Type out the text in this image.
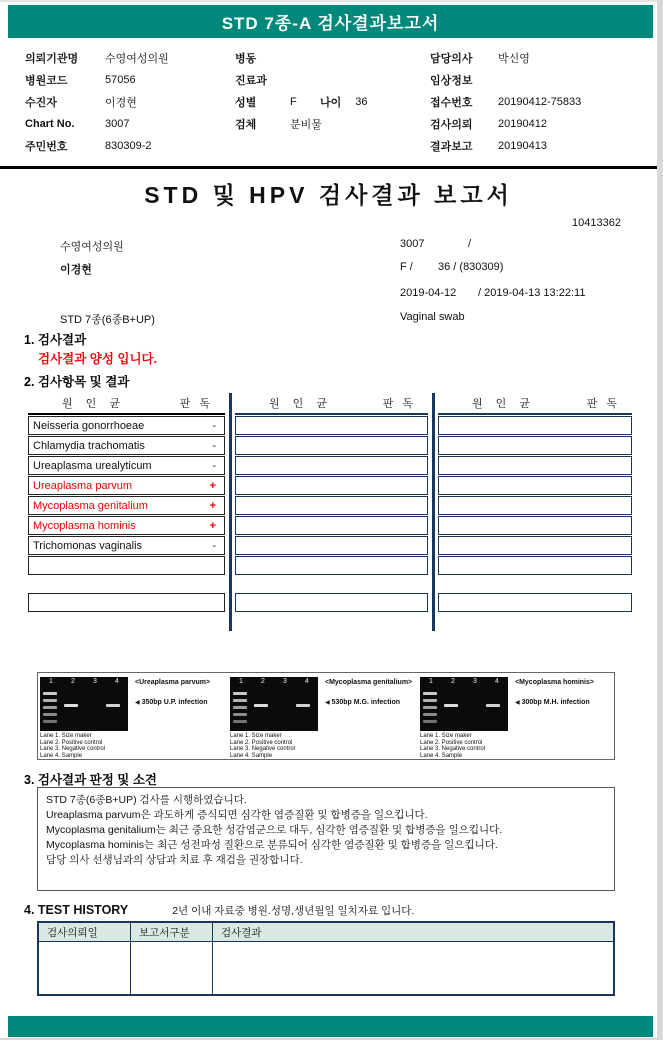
STD 7종-A 검사결과보고서
의뢰기관명	수영여성의원
병원코드	57056
수진자	이경현
Chart No.	3007
주민번호	830309-2
병동
진료과
성별	F	나이 36
검체	분비물
담당의사	박신영
임상정보
접수번호	20190412-75833
검사의뢰	20190412
결과보고	20190413
STD 및 HPV 검사결과 보고서
10413362
수영여성의원	3007	/
이경현	F / 36 / (830309)
2019-04-12 / 2019-04-13 13:22:11
STD 7종(6종B+UP)	Vaginal swab
1. 검사결과
검사결과 양성 입니다.
2. 검사항목 및 결과
원 인 균	판 독
Neisseria gonorrhoeae	-
Chlamydia trachomatis	-
Ureaplasma urealyticum	-
Ureaplasma parvum	+
Mycoplasma genitalium	+
Mycoplasma hominis	+
Trichomonas vaginalis	-
원 인 균	판 독	원 인 균	판 독
1	2	3	4
Lane 1. Size maker
Lane 2. Positive control
Lane 3. Negative control
Lane 4. Sample
<Ureaplasma parvum>
◀ 350bp U.P. infection
1	2	3	4
Lane 1. Size maker
Lane 2. Positive control
Lane 3. Negative control
Lane 4. Sample
<Mycoplasma genitalium>
◀ 530bp M.G. infection
1	2	3	4
Lane 1. Size maker
Lane 2. Positive control
Lane 3. Negative control
Lane 4. Sample
<Mycoplasma hominis>
◀ 300bp M.H. infection
3. 검사결과 판정 및 소견
STD 7종(6종B+UP) 검사를 시행하였습니다.
Ureaplasma parvum은 과도하게 증식되면 심각한 염증질환 및 합병증을 일으킵니다.
Mycoplasma genitalium는 최근 중요한 성감염군으로 대두, 심각한 염증질환 및 합병증을 일으킵니다.
Mycoplasma hominis는 최근 성전파성 질환으로 분류되어 심각한 염증질환 및 합병증을 일으킵니다.
담당 의사 선생님과의 상담과 치료 후 재검을 권장합니다.
4. TEST HISTORY	2년 이내 자료중 병원.성명,생년월일 일치자료 입니다.
검사의뢰일	보고서구분	검사결과
